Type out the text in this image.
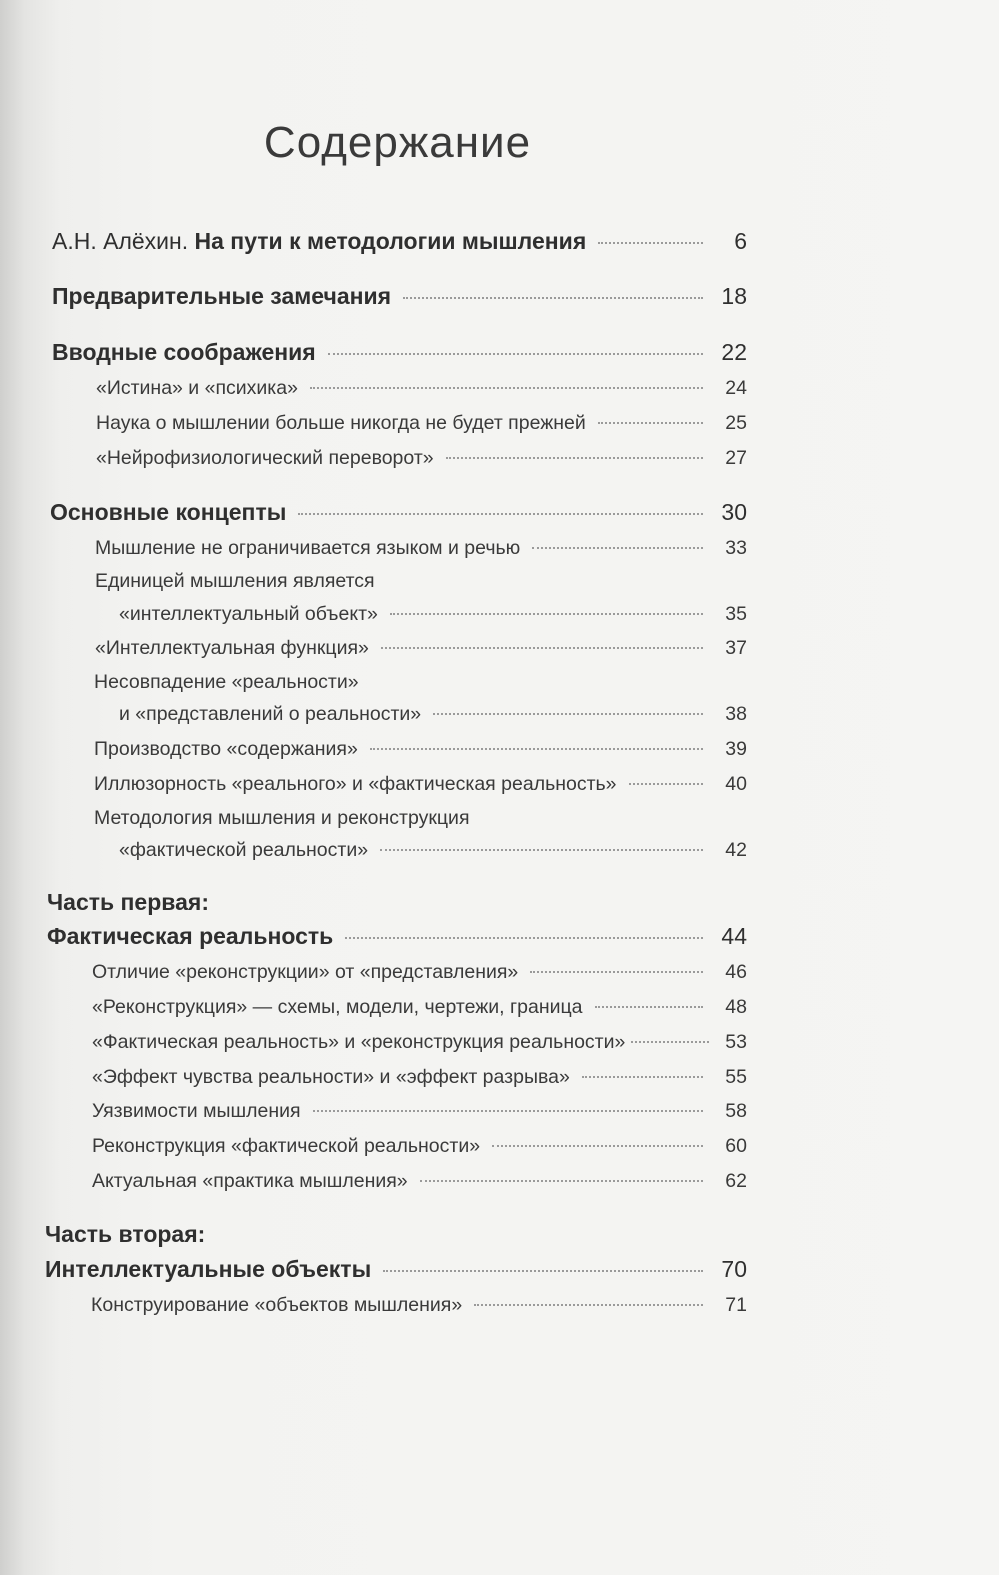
Содержание
А.Н. Алёхин. На пути к методологии мышления	6
Предварительные замечания	18
Вводные соображения	22
«Истина» и «психика»	24
Наука о мышлении больше никогда не будет прежней	25
«Нейрофизиологический переворот»	27
Основные концепты	30
Мышление не ограничивается языком и речью	33
Единицей мышления является
«интеллектуальный объект»	35
«Интеллектуальная функция»	37
Несовпадение «реальности»
и «представлений о реальности»	38
Производство «содержания»	39
Иллюзорность «реального» и «фактическая реальность»	40
Методология мышления и реконструкция
«фактической реальности»	42
Часть первая:
Фактическая реальность	44
Отличие «реконструкции» от «представления»	46
«Реконструкция» — схемы, модели, чертежи, граница	48
«Фактическая реальность» и «реконструкция реальности»	53
«Эффект чувства реальности» и «эффект разрыва»	55
Уязвимости мышления	58
Реконструкция «фактической реальности»	60
Актуальная «практика мышления»	62
Часть вторая:
Интеллектуальные объекты	70
Конструирование «объектов мышления»	71
